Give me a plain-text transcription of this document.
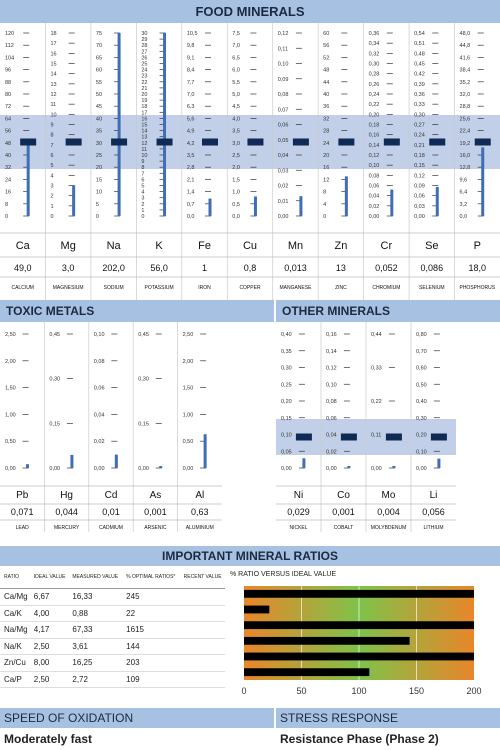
FOOD MINERALS
120
112
104
96
88
80
72
64
56
48
40
32
24
16
8
0
Ca
49,0
CALCIUM
18
17
16
15
14
13
12
11
10
9
8
7
6
5
4
3
2
1
0
Mg
3,0
MAGNESIUM
75
70
65
60
55
50
45
40
35
30
25
20
15
10
5
0
Na
202,0
SODIUM
30
29
28
27
26
25
24
23
22
21
20
19
18
17
16
15
14
13
12
11
10
9
8
7
6
5
4
3
2
1
0
K
56,0
POTASSIUM
10,5
9,8
9,1
8,4
7,7
7,0
6,3
5,6
4,9
4,2
3,5
2,8
2,1
1,4
0,7
0,0
Fe
1
IRON
7,5
7,0
6,5
6,0
5,5
5,0
4,5
4,0
3,5
3,0
2,5
2,0
1,5
1,0
0,5
0,0
Cu
0,8
COPPER
0,12
0,11
0,10
0,09
0,08
0,07
0,06
0,05
0,04
0,03
0,02
0,01
0,00
Mn
0,013
MANGANESE
60
56
52
48
44
40
36
32
28
24
20
16
12
8
4
0
Zn
13
ZINC
0,36
0,34
0,32
0,30
0,28
0,26
0,24
0,22
0,20
0,18
0,16
0,14
0,12
0,10
0,08
0,06
0,04
0,02
0,00
Cr
0,052
CHROMIUM
0,54
0,51
0,48
0,45
0,42
0,39
0,36
0,33
0,30
0,27
0,24
0,21
0,18
0,15
0,12
0,09
0,06
0,03
0,00
Se
0,086
SELENIUM
48,0
44,8
41,6
38,4
35,2
32,0
28,8
25,6
22,4
19,2
16,0
12,8
9,6
6,4
3,2
0,0
P
18,0
PHOSPHORUS
TOXIC METALS
2,50
2,00
1,50
1,00
0,50
0,00
Pb
0,071
LEAD
0,45
0,30
0,15
0,00
Hg
0,044
MERCURY
0,10
0,08
0,06
0,04
0,02
0,00
Cd
0,01
CADMIUM
0,45
0,30
0,15
0,00
As
0,001
ARSENIC
2,50
2,00
1,50
1,00
0,50
0,00
Al
0,63
ALUMINIUM
OTHER MINERALS
0,40
0,35
0,30
0,25
0,20
0,15
0,10
0,05
0,00
Ni
0,029
NICKEL
0,16
0,14
0,12
0,10
0,08
0,06
0,04
0,02
0,00
Co
0,001
COBALT
0,44
0,33
0,22
0,11
0,00
Mo
0,004
MOLYBDENUM
0,80
0,70
0,60
0,50
0,40
0,30
0,20
0,10
0,00
Li
0,056
LITHIUM
IMPORTANT MINERAL RATIOS
RATIO	IDEAL VALUE	MEASURED VALUE	% OPTIMAL RATIOS*	RECENT VALUE
Ca/Mg	6,67	16,33	245	
Ca/K	4,00	0,88	22	
Na/Mg	4,17	67,33	1615	
Na/K	2,50	3,61	144	
Zn/Cu	8,00	16,25	203	
Ca/P	2,50	2,72	109	
% RATIO VERSUS IDEAL VALUE
0	50	100	150	200
SPEED OF OXIDATION
Moderately fast
STRESS RESPONSE
Resistance Phase (Phase 2)
